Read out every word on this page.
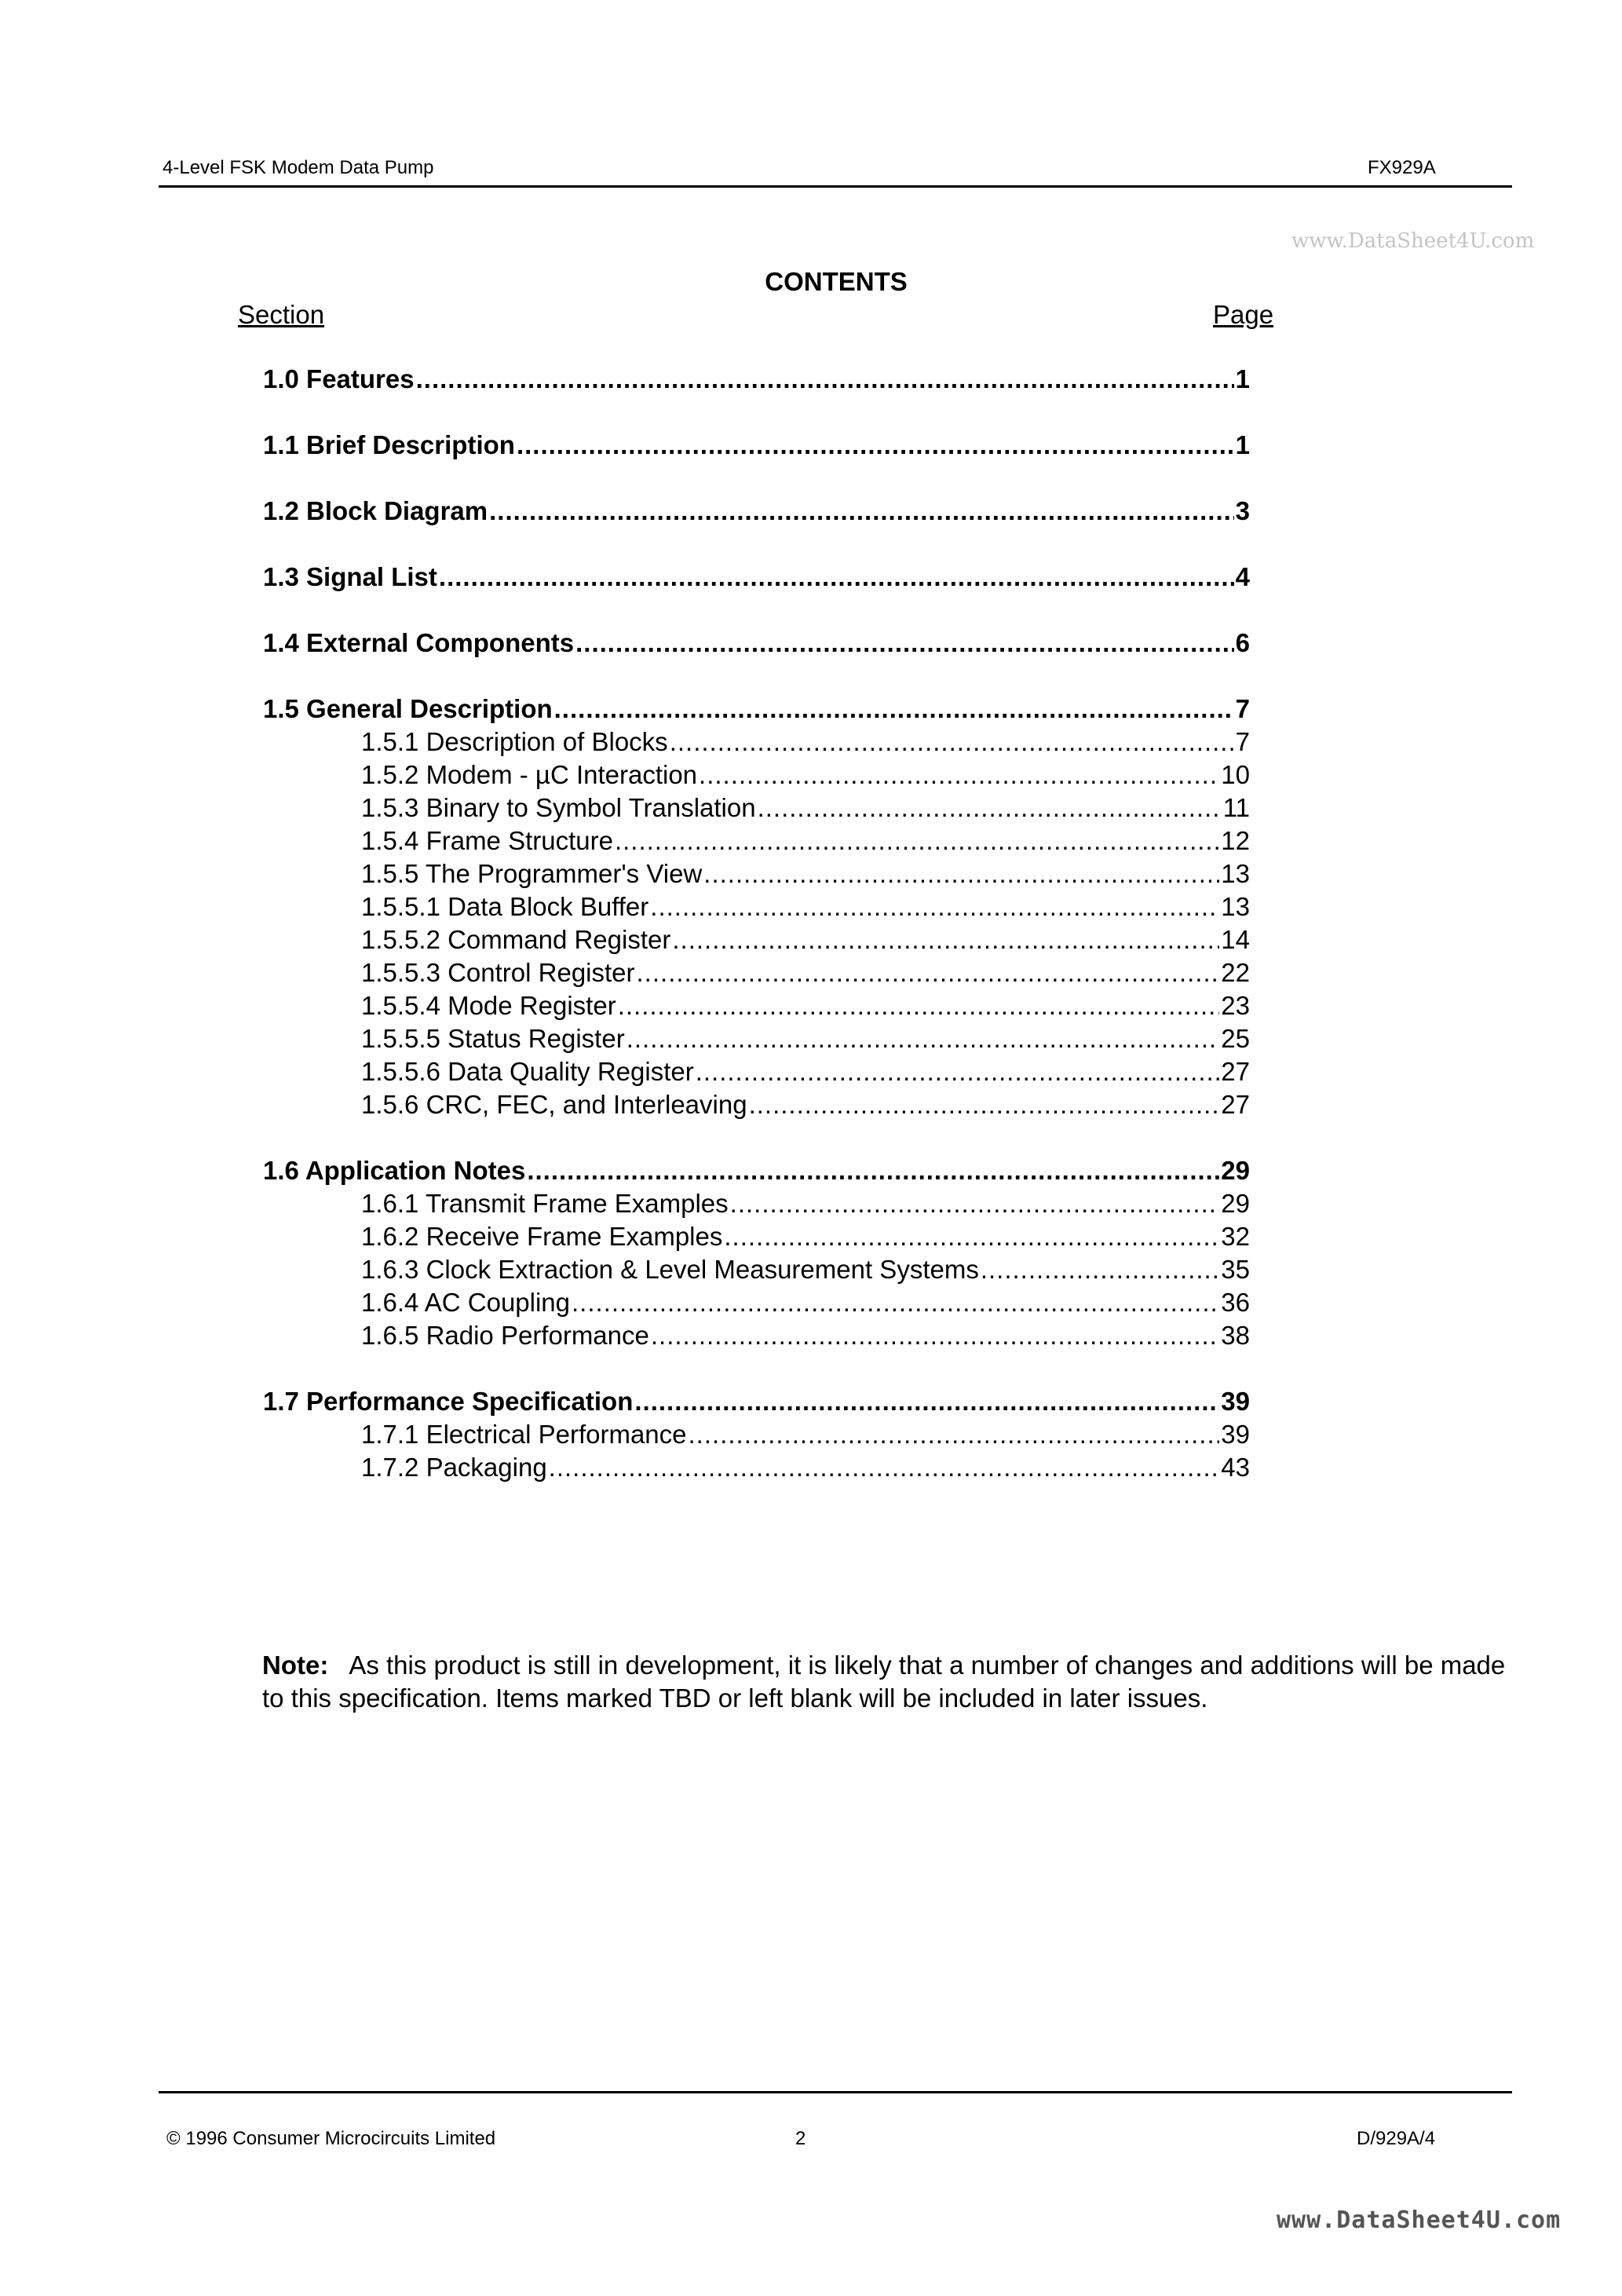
4-Level FSK Modem Data Pump	FX929A
www.DataSheet4U.com
CONTENTS
Section	Page
1.0 Features .....	1
1.1 Brief Description .....	1
1.2 Block Diagram .....	3
1.3 Signal List .....	4
1.4 External Components .....	6
1.5 General Description .....	7
1.5.1 Description of Blocks .....	7
1.5.2 Modem - µC Interaction .....	10
1.5.3 Binary to Symbol Translation .....	11
1.5.4 Frame Structure .....	12
1.5.5 The Programmer's View .....	13
1.5.5.1 Data Block Buffer .....	13
1.5.5.2 Command Register .....	14
1.5.5.3 Control Register .....	22
1.5.5.4 Mode Register .....	23
1.5.5.5 Status Register .....	25
1.5.5.6 Data Quality Register .....	27
1.5.6 CRC, FEC, and Interleaving .....	27
1.6 Application Notes .....	29
1.6.1 Transmit Frame Examples .....	29
1.6.2 Receive Frame Examples .....	32
1.6.3 Clock Extraction & Level Measurement Systems .....	35
1.6.4 AC Coupling .....	36
1.6.5 Radio Performance .....	38
1.7 Performance Specification .....	39
1.7.1 Electrical Performance .....	39
1.7.2 Packaging .....	43
Note: As this product is still in development, it is likely that a number of changes and additions will be made to this specification. Items marked TBD or left blank will be included in later issues.
© 1996 Consumer Microcircuits Limited	2	D/929A/4
www.DataSheet4U.com
